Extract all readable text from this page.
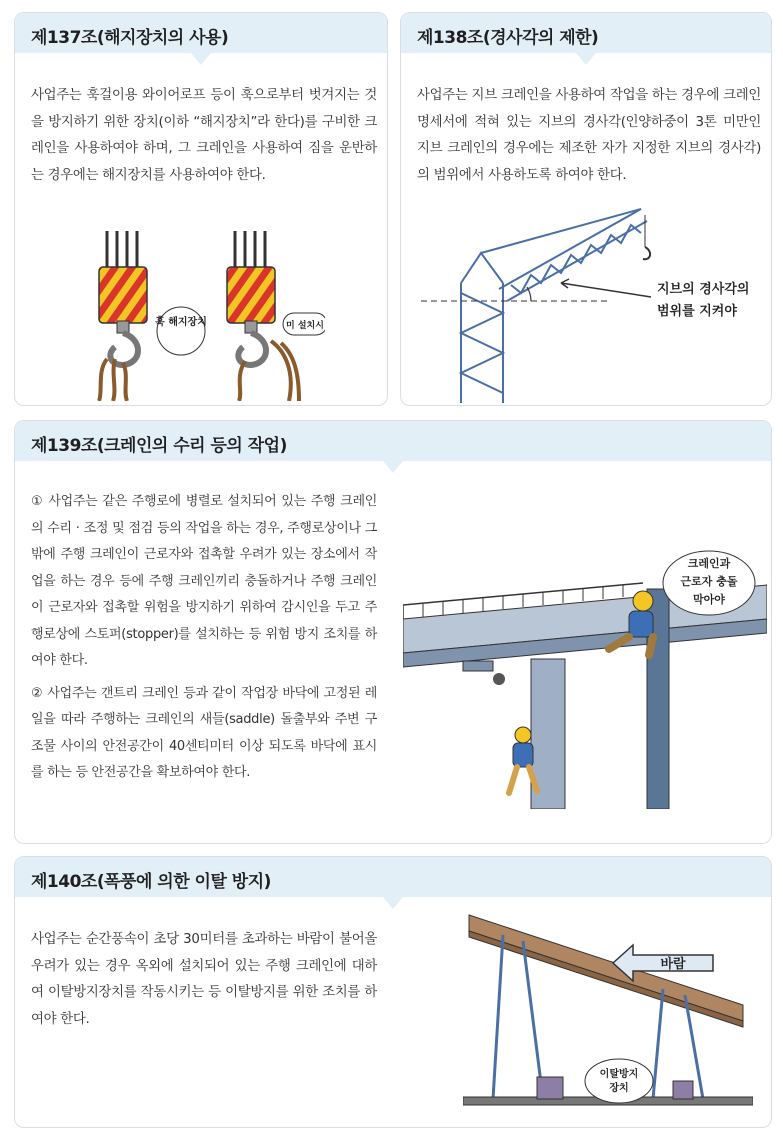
제137조(해지장치의 사용)

사업주는 훅걸이용 와이어로프 등이 훅으로부터 벗겨지는 것을 방지하기 위한 장치(이하 “해지장치”라 한다)를 구비한 크레인을 사용하여야 하며, 그 크레인을 사용하여 짐을 운반하는 경우에는 해지장치를 사용하여야 한다.

훅 해지장치	미 설치시
제138조(경사각의 제한)

사업주는 지브 크레인을 사용하여 작업을 하는 경우에 크레인 명세서에 적혀 있는 지브의 경사각(인양하중이 3톤 미만인 지브 크레인의 경우에는 제조한 자가 지정한 지브의 경사각)의 범위에서 사용하도록 하여야 한다.

지브의 경사각의
범위를 지켜야
제139조(크레인의 수리 등의 작업)

① 사업주는 같은 주행로에 병렬로 설치되어 있는 주행 크레인의 수리 · 조정 및 점검 등의 작업을 하는 경우, 주행로상이나 그 밖에 주행 크레인이 근로자와 접촉할 우려가 있는 장소에서 작업을 하는 경우 등에 주행 크레인끼리 충돌하거나 주행 크레인이 근로자와 접촉할 위험을 방지하기 위하여 감시인을 두고 주행로상에 스토퍼(stopper)를 설치하는 등 위험 방지 조치를 하여야 한다.

② 사업주는 갠트리 크레인 등과 같이 작업장 바닥에 고정된 레일을 따라 주행하는 크레인의 새들(saddle) 돌출부와 주변 구조물 사이의 안전공간이 40센티미터 이상 되도록 바닥에 표시를 하는 등 안전공간을 확보하여야 한다.

크레인과
근로자 충돌
막아야
제140조(폭풍에 의한 이탈 방지)

사업주는 순간풍속이 초당 30미터를 초과하는 바람이 불어올 우려가 있는 경우 옥외에 설치되어 있는 주행 크레인에 대하여 이탈방지장치를 작동시키는 등 이탈방지를 위한 조치를 하여야 한다.

바람
이탈방지
장치
